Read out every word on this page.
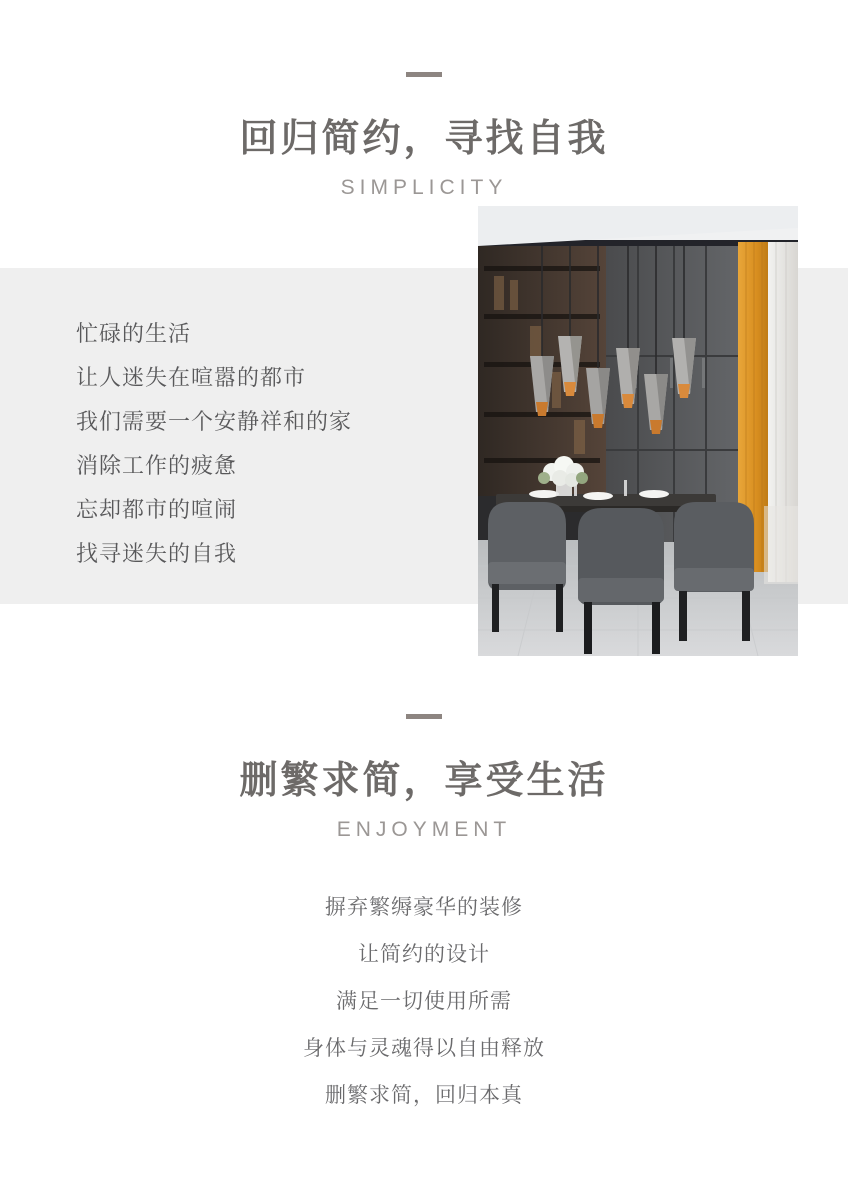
回归简约，寻找自我
SIMPLICITY
忙碌的生活
让人迷失在喧嚣的都市
我们需要一个安静祥和的家
消除工作的疲惫
忘却都市的喧闹
找寻迷失的自我
删繁求简，享受生活
ENJOYMENT
摒弃繁缛豪华的装修
让简约的设计
满足一切使用所需
身体与灵魂得以自由释放
删繁求简，回归本真
